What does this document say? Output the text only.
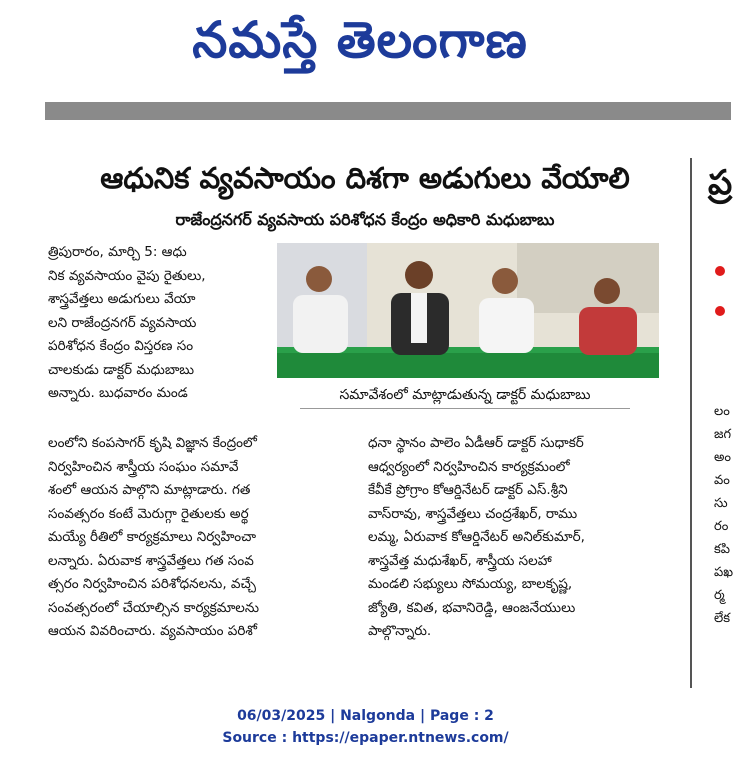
నమస్తే తెలంగాణ
ఆధునిక వ్యవసాయం దిశగా అడుగులు వేయాలి
రాజేంద్రనగర్ వ్యవసాయ పరిశోధన కేంద్రం అధికారి మధుబాబు
త్రిపురారం, మార్చి 5: ఆధు
నిక వ్యవసాయం వైపు రైతులు,
శాస్త్రవేత్తలు అడుగులు వేయా
లని రాజేంద్రనగర్ వ్యవసాయ
పరిశోధన కేంద్రం విస్తరణ సం
చాలకుడు డాక్టర్ మధుబాబు
అన్నారు. బుధవారం మండ	సమావేశంలో మాట్లాడుతున్న డాక్టర్ మధుబాబు
లంలోని కంపసాగర్ కృషి విజ్ఞాన కేంద్రంలో
నిర్వహించిన శాస్త్రీయ సంఘం సమావే
శంలో ఆయన పాల్గొని మాట్లాడారు. గత
సంవత్సరం కంటే మెరుగ్గా రైతులకు అర్థ
మయ్యే రీతిలో కార్యక్రమాలు నిర్వహించా
లన్నారు. ఏరువాక శాస్త్రవేత్తలు గత సంవ
త్సరం నిర్వహించిన పరిశోధనలను, వచ్చే
సంవత్సరంలో చేయాల్సిన కార్యక్రమాలను
ఆయన వివరించారు. వ్యవసాయం పరిశో
ధనా స్థానం పాలెం ఏడీఆర్ డాక్టర్ సుధాకర్
ఆధ్వర్యంలో నిర్వహించిన కార్యక్రమంలో
కేవీకే ప్రోగ్రాం కోఆర్డినేటర్ డాక్టర్ ఎస్.శ్రీని
వాస్‌రావు, శాస్త్రవేత్తలు చంద్రశేఖర్, రాము
లమ్మ, ఏరువాక కోఆర్డినేటర్ అనిల్‌కుమార్,
శాస్త్రవేత్త మధుశేఖర్, శాస్త్రీయ సలహా
మండలి సభ్యులు సోమయ్య, బాలకృష్ణ,
జ్యోతి, కవిత, భవానిరెడ్డి, ఆంజనేయులు
పాల్గొన్నారు.
ప్ర
లం
జగ
అం
వం
సు
రం
కపి
పఖ
ర్మ
లేక
06/03/2025 | Nalgonda | Page : 2
Source : https://epaper.ntnews.com/
